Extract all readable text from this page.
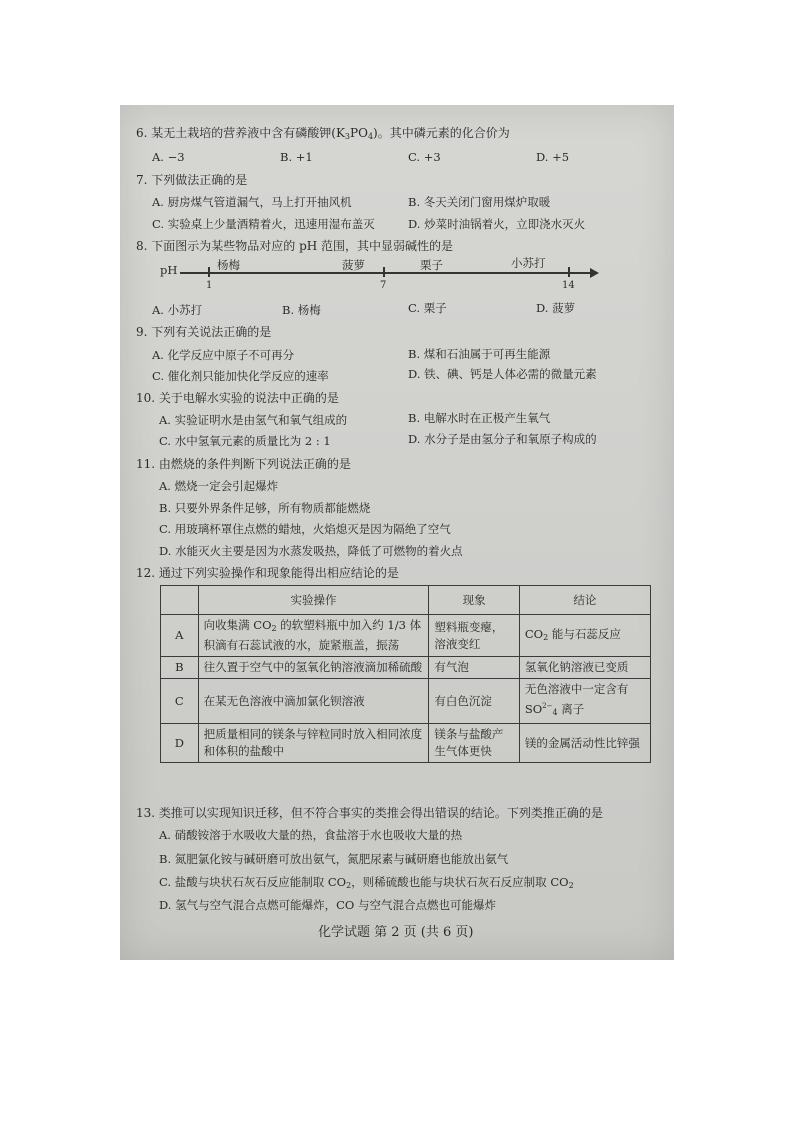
6. 某无土栽培的营养液中含有磷酸钾$(K_3PO_4)$。其中磷元素的化合价为
A. −3	B. +1	C. +3	D. +5
7. 下列做法正确的是
A. 厨房煤气管道漏气，马上打开抽风机	B. 冬天关闭门窗用煤炉取暖
C. 实验桌上少量酒精着火，迅速用湿布盖灭	D. 炒菜时油锅着火，立即浇水灭火
8. 下面图示为某些物品对应的 pH 范围，其中显弱碱性的是
pH	杨梅	菠萝	栗子	小苏打
1	7	14
A. 小苏打	B. 杨梅	C. 栗子	D. 菠萝
9. 下列有关说法正确的是
A. 化学反应中原子不可再分	B. 煤和石油属于可再生能源
C. 催化剂只能加快化学反应的速率	D. 铁、碘、钙是人体必需的微量元素
10. 关于电解水实验的说法中正确的是
A. 实验证明水是由氢气和氧气组成的	B. 电解水时在正极产生氧气
C. 水中氢氧元素的质量比为 2 : 1	D. 水分子是由氢分子和氧原子构成的
11. 由燃烧的条件判断下列说法正确的是
A. 燃烧一定会引起爆炸
B. 只要外界条件足够，所有物质都能燃烧
C. 用玻璃杯罩住点燃的蜡烛，火焰熄灭是因为隔绝了空气
D. 水能灭火主要是因为水蒸发吸热，降低了可燃物的着火点
12. 通过下列实验操作和现象能得出相应结论的是
	实验操作	现象	结论
A	向收集满 $CO_2$ 的软塑料瓶中加入约 1/3 体积滴有石蕊试液的水，旋紧瓶盖，振荡	塑料瓶变瘪，溶液变红	$CO_2$ 能与石蕊反应
B	往久置于空气中的氢氧化钠溶液滴加稀硫酸	有气泡	氢氧化钠溶液已变质
C	在某无色溶液中滴加氯化钡溶液	有白色沉淀	无色溶液中一定含有
$SO^{2-}_4$ 离子
D	把质量相同的镁条与锌粒同时放入相同浓度和体积的盐酸中	镁条与盐酸产生气体更快	镁的金属活动性比锌强
13. 类推可以实现知识迁移，但不符合事实的类推会得出错误的结论。下列类推正确的是
A. 硝酸铵溶于水吸收大量的热，食盐溶于水也吸收大量的热
B. 氮肥氯化铵与碱研磨可放出氨气，氮肥尿素与碱研磨也能放出氨气
C. 盐酸与块状石灰石反应能制取 $CO_2$，则稀硫酸也能与块状石灰石反应制取 $CO_2$
D. 氢气与空气混合点燃可能爆炸，CO 与空气混合点燃也可能爆炸
化学试题 第 2 页 (共 6 页)
